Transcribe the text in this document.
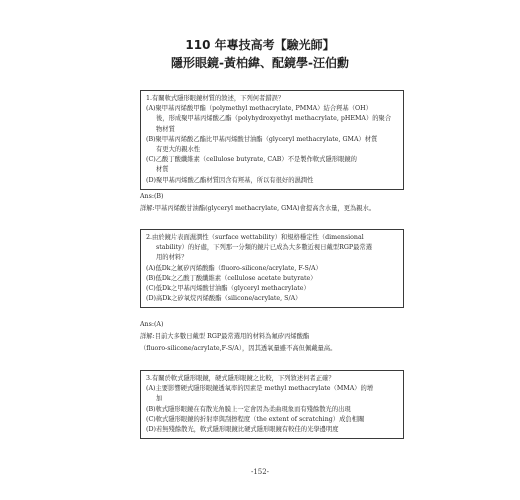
110 年專技高考【驗光師】
隱形眼鏡-黃柏緯、配鏡學-汪伯勳
1.有關軟式隱形眼鏡材質的敘述，下列何者錯誤？
(A)聚甲基丙烯酸甲酯（polymethyl methacrylate, PMMA）結合羥基（OH）
後，形成聚甲基丙烯酸乙酯（polyhydroxyethyl methacrylate, pHEMA）的聚合
物材質
(B)聚甲基丙烯酸乙酯比甲基丙烯酸甘油酯（glyceryl methacrylate, GMA）材質
有更大的親水性
(C)乙酸丁酸纖維素（cellulose butyrate, CAB）不是製作軟式隱形眼鏡的
材質
(D)聚甲基丙烯酸乙酯材質因含有羥基，所以有很好的濕潤性
Ans:(B)
詳解:甲基丙烯酸甘油酯(glyceryl methacrylate, GMA)會提高含水量，更為親水。
2.由於鏡片表面濕潤性（surface wettability）和規格穩定性（dimensional
stability）的好處，下列那一分類的鏡片已成為大多數近視日戴型RGP最常選
用的材料？
(A)低Dk之氟矽丙烯酸酯（fluoro-silicone/acrylate, F-S/A）
(B)低Dk之乙酸丁酸纖維素（cellulose acetate butyrate）
(C)低Dk之甲基丙烯酸甘油酯（glyceryl methacrylate）
(D)高Dk之矽氧烷丙烯酸酯（silicone/acrylate, S/A）
Ans:(A)
詳解:目前大多數日戴型 RGP最常選用的材料為氟矽丙烯酸酯
（fluoro-silicone/acrylate,F-S/A），因其透氧量雖不高但佩戴量高。
3.有關於軟式隱形眼鏡，硬式隱形眼鏡之比較，下列敘述何者正確？
(A)主要影響硬式隱形眼鏡透氧率的因素是 methyl methacrylate（MMA）的增
加
(B)軟式隱形眼鏡在有散光角膜上一定會因為柔曲現象而有殘餘散光的出現
(C)軟式隱形眼鏡的折射率與刮擦程度（the extent of scratching）成負相關
(D)若無殘餘散光，軟式隱形眼鏡比硬式隱形眼鏡有較佳的光學邊明度
-152-
